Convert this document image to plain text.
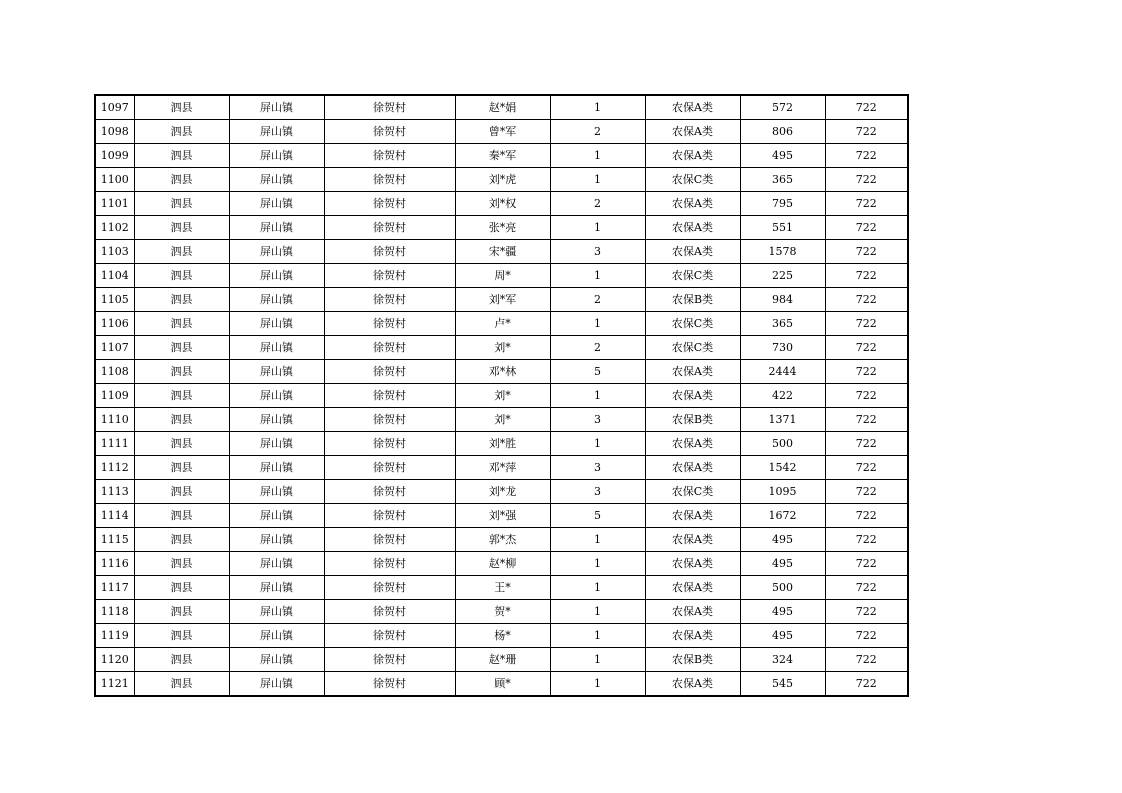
1097	泗县	屏山镇	徐贺村	赵*娟	1	农保A类	572	722
1098	泗县	屏山镇	徐贺村	曾*军	2	农保A类	806	722
1099	泗县	屏山镇	徐贺村	秦*军	1	农保A类	495	722
1100	泗县	屏山镇	徐贺村	刘*虎	1	农保C类	365	722
1101	泗县	屏山镇	徐贺村	刘*权	2	农保A类	795	722
1102	泗县	屏山镇	徐贺村	张*亮	1	农保A类	551	722
1103	泗县	屏山镇	徐贺村	宋*疆	3	农保A类	1578	722
1104	泗县	屏山镇	徐贺村	周*	1	农保C类	225	722
1105	泗县	屏山镇	徐贺村	刘*军	2	农保B类	984	722
1106	泗县	屏山镇	徐贺村	卢*	1	农保C类	365	722
1107	泗县	屏山镇	徐贺村	刘*	2	农保C类	730	722
1108	泗县	屏山镇	徐贺村	邓*林	5	农保A类	2444	722
1109	泗县	屏山镇	徐贺村	刘*	1	农保A类	422	722
1110	泗县	屏山镇	徐贺村	刘*	3	农保B类	1371	722
1111	泗县	屏山镇	徐贺村	刘*胜	1	农保A类	500	722
1112	泗县	屏山镇	徐贺村	邓*萍	3	农保A类	1542	722
1113	泗县	屏山镇	徐贺村	刘*龙	3	农保C类	1095	722
1114	泗县	屏山镇	徐贺村	刘*强	5	农保A类	1672	722
1115	泗县	屏山镇	徐贺村	郭*杰	1	农保A类	495	722
1116	泗县	屏山镇	徐贺村	赵*柳	1	农保A类	495	722
1117	泗县	屏山镇	徐贺村	王*	1	农保A类	500	722
1118	泗县	屏山镇	徐贺村	贺*	1	农保A类	495	722
1119	泗县	屏山镇	徐贺村	杨*	1	农保A类	495	722
1120	泗县	屏山镇	徐贺村	赵*珊	1	农保B类	324	722
1121	泗县	屏山镇	徐贺村	顾*	1	农保A类	545	722
